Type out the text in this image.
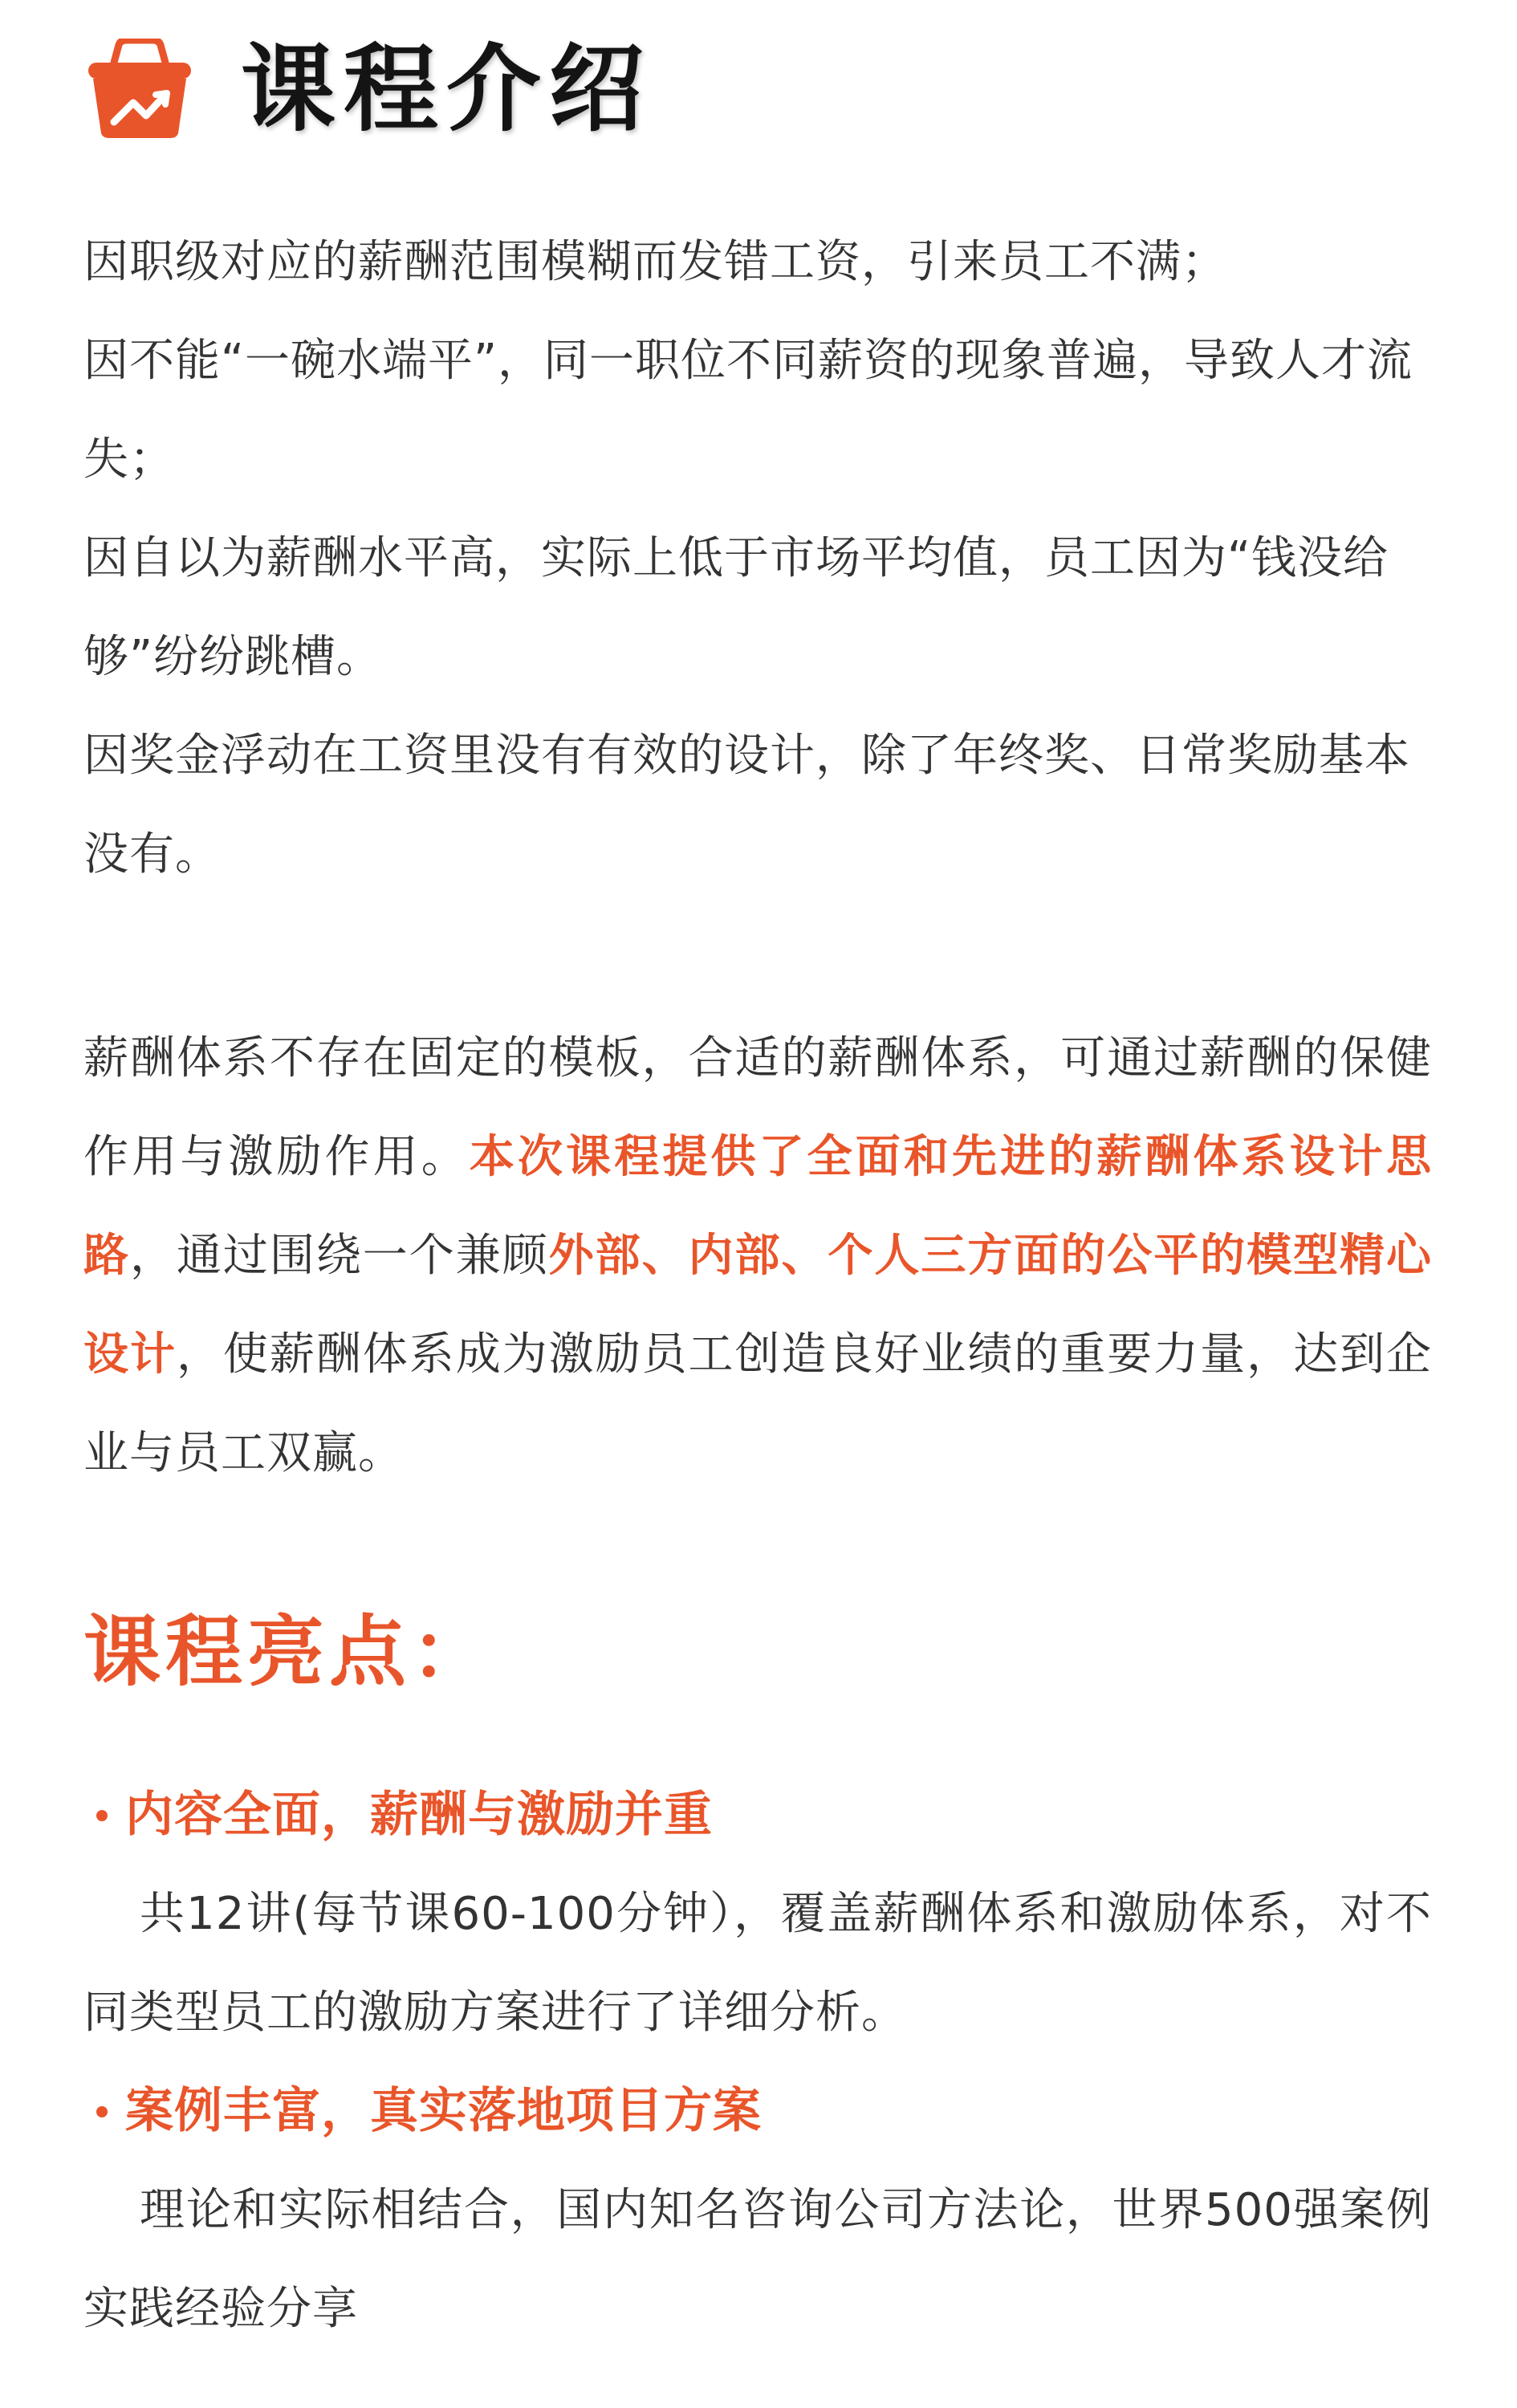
课程介绍

因职级对应的薪酬范围模糊而发错工资，引来员工不满；

因不能“一碗水端平”，同一职位不同薪资的现象普遍，导致人才流失；

因自以为薪酬水平高，实际上低于市场平均值，员工因为“钱没给够”纷纷跳槽。

因奖金浮动在工资里没有有效的设计，除了年终奖、日常奖励基本没有。

薪酬体系不存在固定的模板，合适的薪酬体系，可通过薪酬的保健作用与激励作用。本次课程提供了全面和先进的薪酬体系设计思路，通过围绕一个兼顾外部、内部、个人三方面的公平的模型精心设计，使薪酬体系成为激励员工创造良好业绩的重要力量，达到企业与员工双赢。
课程亮点：
内容全面，薪酬与激励并重

共12讲(每节课60-100分钟），覆盖薪酬体系和激励体系，对不同类型员工的激励方案进行了详细分析。

案例丰富，真实落地项目方案

理论和实际相结合，国内知名咨询公司方法论，世界500强案例实践经验分享
